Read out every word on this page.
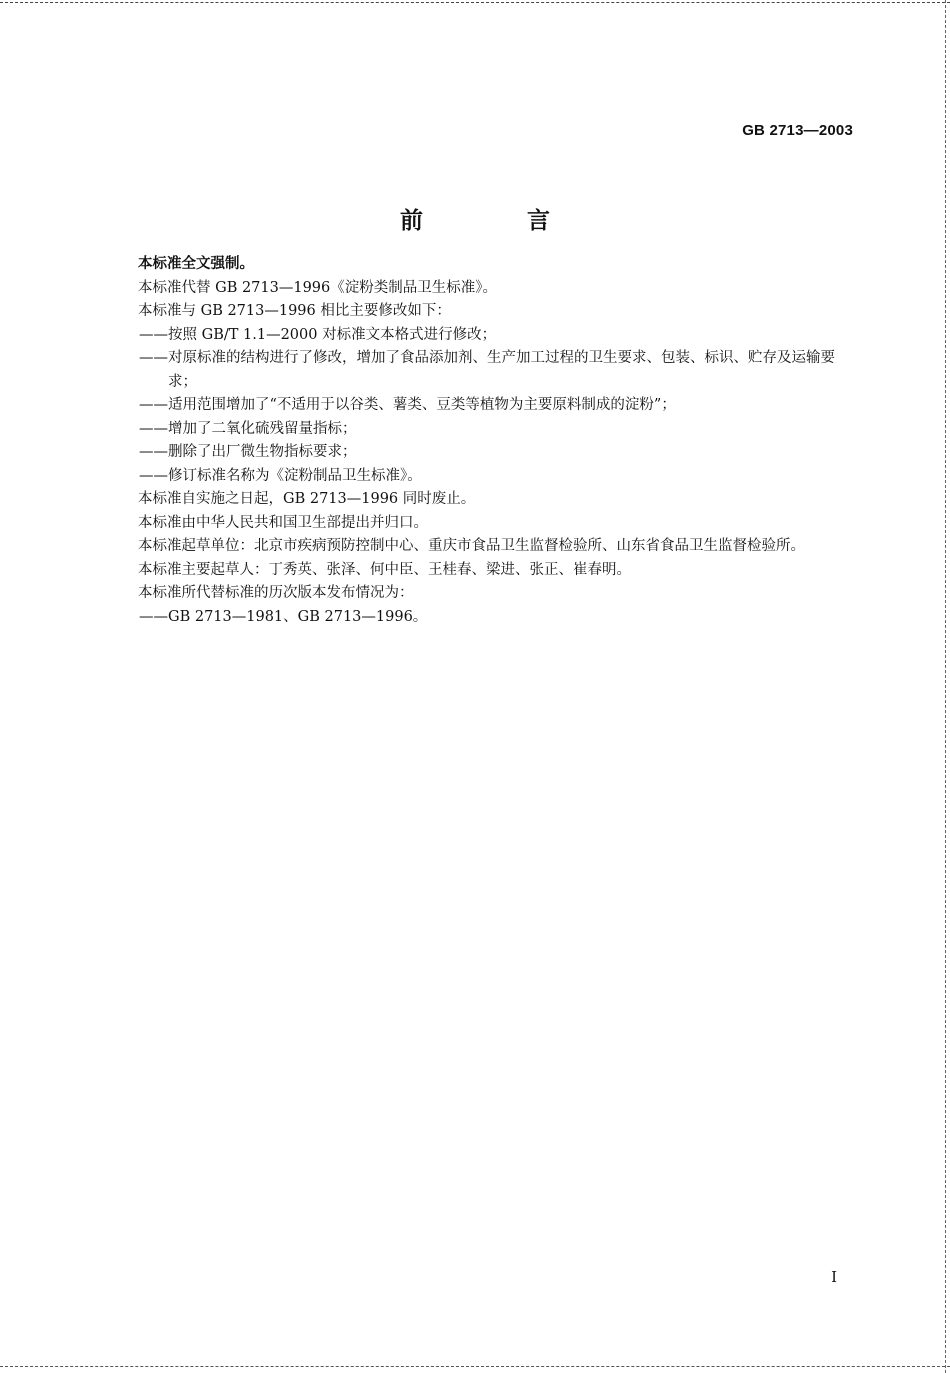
GB 2713—2003
前 言

本标准全文强制。

本标准代替 GB 2713—1996《淀粉类制品卫生标准》。

本标准与 GB 2713—1996 相比主要修改如下：

——按照 GB/T 1.1—2000 对标准文本格式进行修改；

——对原标准的结构进行了修改，增加了食品添加剂、生产加工过程的卫生要求、包装、标识、贮存及运输要求；

——适用范围增加了“不适用于以谷类、薯类、豆类等植物为主要原料制成的淀粉”；

——增加了二氧化硫残留量指标；

——删除了出厂微生物指标要求；

——修订标准名称为《淀粉制品卫生标准》。

本标准自实施之日起，GB 2713—1996 同时废止。

本标准由中华人民共和国卫生部提出并归口。

本标准起草单位：北京市疾病预防控制中心、重庆市食品卫生监督检验所、山东省食品卫生监督检验所。

本标准主要起草人：丁秀英、张泽、何中臣、王桂春、梁进、张正、崔春明。

本标准所代替标准的历次版本发布情况为：

——GB 2713—1981、GB 2713—1996。

I
